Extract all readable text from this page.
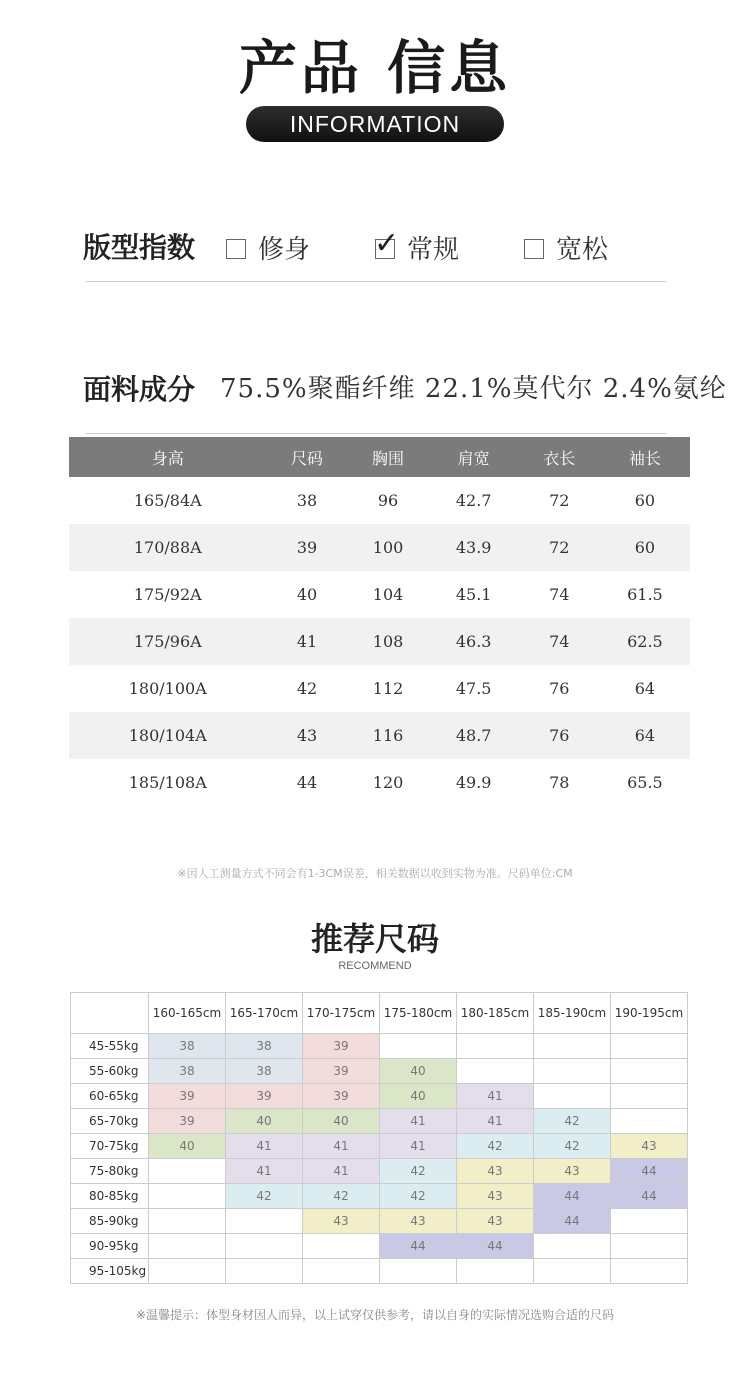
产品 信息
INFORMATION
版型指数 修身 ✓ 常规	宽松
面料成分 75.5%聚酯纤维 22.1%莫代尔 2.4%氨纶
身高	尺码	胸围	肩宽	衣长	袖长
165/84A	38	96	42.7	72	60
170/88A	39	100	43.9	72	60
175/92A	40	104	45.1	74	61.5
175/96A	41	108	46.3	74	62.5
180/100A	42	112	47.5	76	64
180/104A	43	116	48.7	76	64
185/108A	44	120	49.9	78	65.5
※因人工测量方式不同会有1-3CM误差，相关数据以收到实物为准。尺码单位:CM
推荐尺码
RECOMMEND
	160-165cm	165-170cm	170-175cm	175-180cm	180-185cm	185-190cm	190-195cm
45-55kg	38	38	39				
55-60kg	38	38	39	40			
60-65kg	39	39	39	40	41		
65-70kg	39	40	40	41	41	42	
70-75kg	40	41	41	41	42	42	43
75-80kg		41	41	42	43	43	44
80-85kg		42	42	42	43	44	44
85-90kg			43	43	43	44	
90-95kg				44	44		
95-105kg							
※温馨提示：体型身材因人而异，以上试穿仅供参考，请以自身的实际情况选购合适的尺码
